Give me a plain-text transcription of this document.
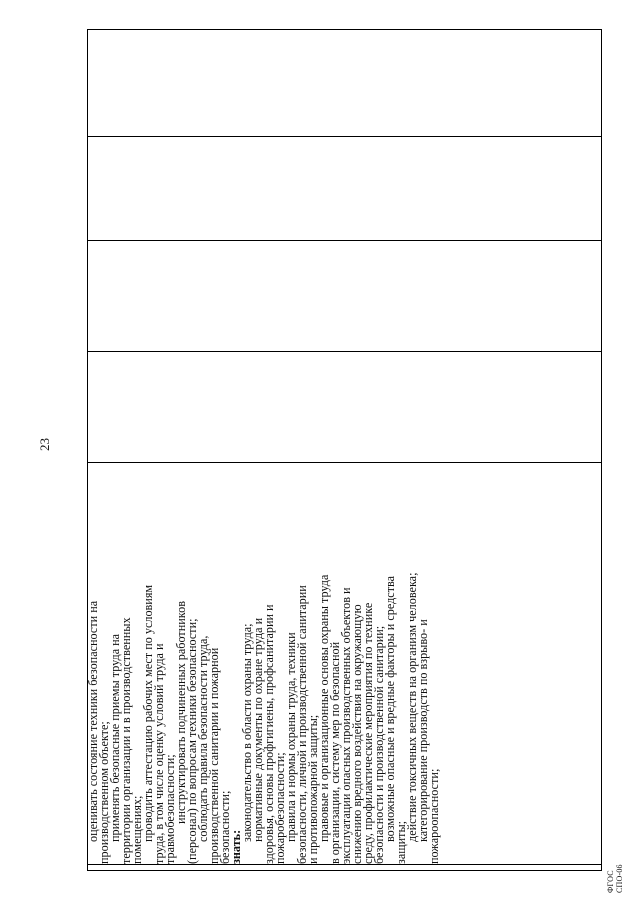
23

оценивать состояние техники безопасности на

производственном объекте;

применять безопасные приемы труда на

территории организации и в производственных

помещениях;

проводить аттестацию рабочих мест по условиям

труда, в том числе оценку условий труда и

травмобезопасности;

инструктировать подчиненных работников

(персонал) по вопросам техники безопасности;

соблюдать правила безопасности труда,

производственной санитарии и пожарной

безопасности;

знать:

законодательство в области охраны труда;

нормативные документы по охране труда и

здоровья, основы профгигиены, профсанитарии и

пожаробезопасности;

правила и нормы охраны труда, техники

безопасности, личной и производственной санитарии

и противопожарной защиты;

правовые и организационные основы охраны труда

в организации, систему мер по безопасной

эксплуатации опасных производственных объектов и

снижению вредного воздействия на окружающую

среду, профилактические мероприятия по технике

безопасности и производственной санитарии;

возможные опасные и вредные факторы и средства

защиты;

действие токсичных веществ на организм человека;

категорирование производств по взрыво- и

пожароопасности;

ФГОС СПО-06
